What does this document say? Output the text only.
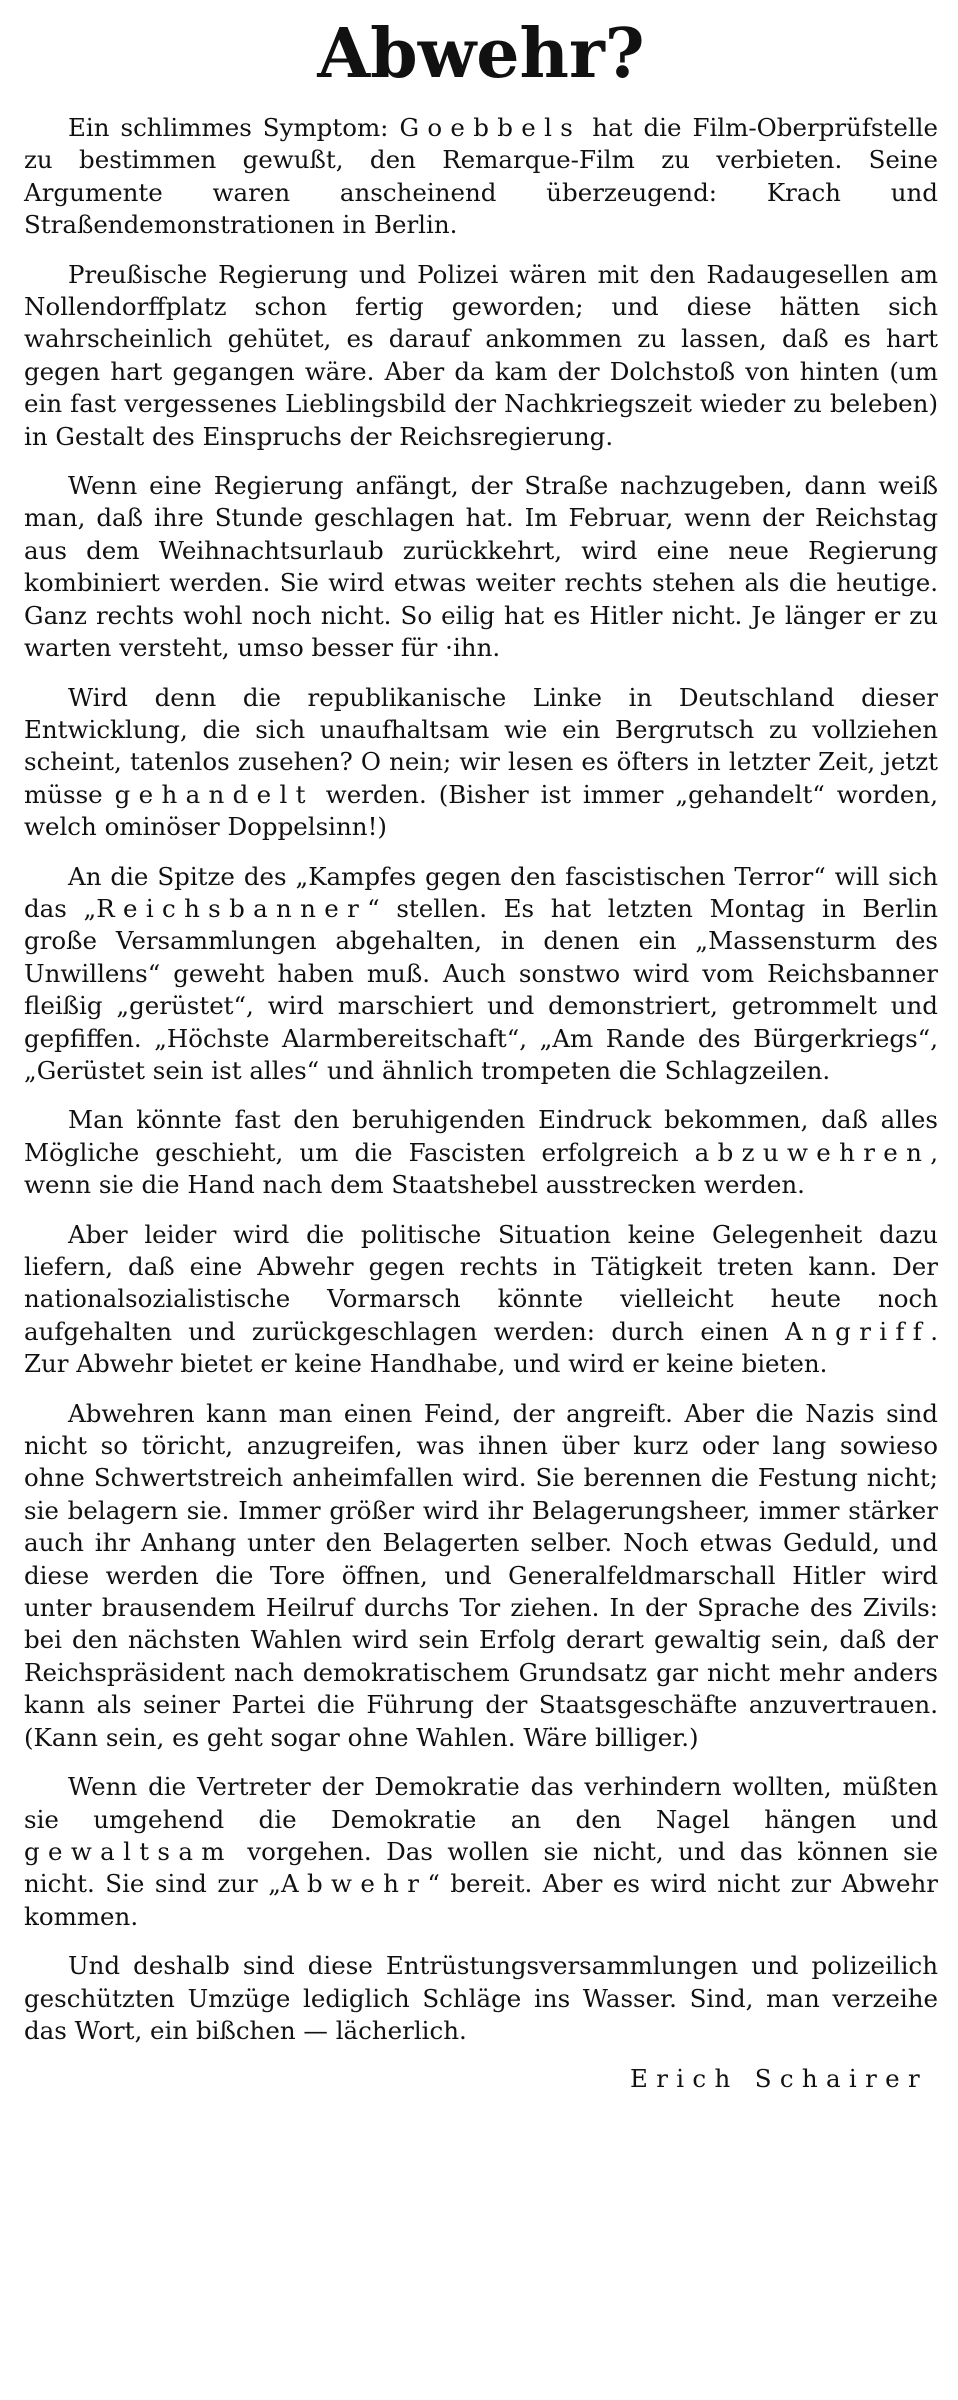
Abwehr?

Ein schlimmes Symptom: Goebbels hat die Film-Oberprüfstelle zu bestimmen gewußt, den Remarque-Film zu verbieten. Seine Argumente waren anscheinend überzeugend: Krach und Straßendemonstrationen in Berlin.

Preußische Regierung und Polizei wären mit den Radaugesellen am Nollendorffplatz schon fertig geworden; und diese hätten sich wahrscheinlich gehütet, es darauf ankommen zu lassen, daß es hart gegen hart gegangen wäre. Aber da kam der Dolchstoß von hinten (um ein fast vergessenes Lieblingsbild der Nachkriegszeit wieder zu beleben) in Gestalt des Einspruchs der Reichsregierung.

Wenn eine Regierung anfängt, der Straße nachzugeben, dann weiß man, daß ihre Stunde geschlagen hat. Im Februar, wenn der Reichstag aus dem Weihnachtsurlaub zurückkehrt, wird eine neue Regierung kombiniert werden. Sie wird etwas weiter rechts stehen als die heutige. Ganz rechts wohl noch nicht. So eilig hat es Hitler nicht. Je länger er zu warten versteht, umso besser für ·ihn.

Wird denn die republikanische Linke in Deutschland dieser Entwicklung, die sich unaufhaltsam wie ein Bergrutsch zu vollziehen scheint, tatenlos zusehen? O nein; wir lesen es öfters in letzter Zeit, jetzt müsse gehandelt werden. (Bisher ist immer „gehandelt“ worden, welch ominöser Doppelsinn!)

An die Spitze des „Kampfes gegen den fascistischen Terror“ will sich das „Reichsbanner“ stellen. Es hat letzten Montag in Berlin große Versammlungen abgehalten, in denen ein „Massensturm des Unwillens“ geweht haben muß. Auch sonstwo wird vom Reichsbanner fleißig „gerüstet“, wird marschiert und demonstriert, getrommelt und gepfiffen. „Höchste Alarmbereitschaft“, „Am Rande des Bürgerkriegs“, „Gerüstet sein ist alles“ und ähnlich trompeten die Schlagzeilen.

Man könnte fast den beruhigenden Eindruck bekommen, daß alles Mögliche geschieht, um die Fascisten erfolgreich abzuwehren, wenn sie die Hand nach dem Staatshebel ausstrecken werden.

Aber leider wird die politische Situation keine Gelegenheit dazu liefern, daß eine Abwehr gegen rechts in Tätigkeit treten kann. Der nationalsozialistische Vormarsch könnte vielleicht heute noch aufgehalten und zurückgeschlagen werden: durch einen Angriff. Zur Abwehr bietet er keine Handhabe, und wird er keine bieten.

Abwehren kann man einen Feind, der angreift. Aber die Nazis sind nicht so töricht, anzugreifen, was ihnen über kurz oder lang sowieso ohne Schwertstreich anheimfallen wird. Sie berennen die Festung nicht; sie belagern sie. Immer größer wird ihr Belagerungsheer, immer stärker auch ihr Anhang unter den Belagerten selber. Noch etwas Geduld, und diese werden die Tore öffnen, und Generalfeldmarschall Hitler wird unter brausendem Heilruf durchs Tor ziehen. In der Sprache des Zivils: bei den nächsten Wahlen wird sein Erfolg derart gewaltig sein, daß der Reichspräsident nach demokratischem Grundsatz gar nicht mehr anders kann als seiner Partei die Führung der Staatsgeschäfte anzuvertrauen. (Kann sein, es geht sogar ohne Wahlen. Wäre billiger.)

Wenn die Vertreter der Demokratie das verhindern wollten, müßten sie umgehend die Demokratie an den Nagel hängen und gewaltsam vorgehen. Das wollen sie nicht, und das können sie nicht. Sie sind zur „Abwehr“ bereit. Aber es wird nicht zur Abwehr kommen.

Und deshalb sind diese Entrüstungsversammlungen und polizeilich geschützten Umzüge lediglich Schläge ins Wasser. Sind, man verzeihe das Wort, ein bißchen — lächerlich.

Erich Schairer
